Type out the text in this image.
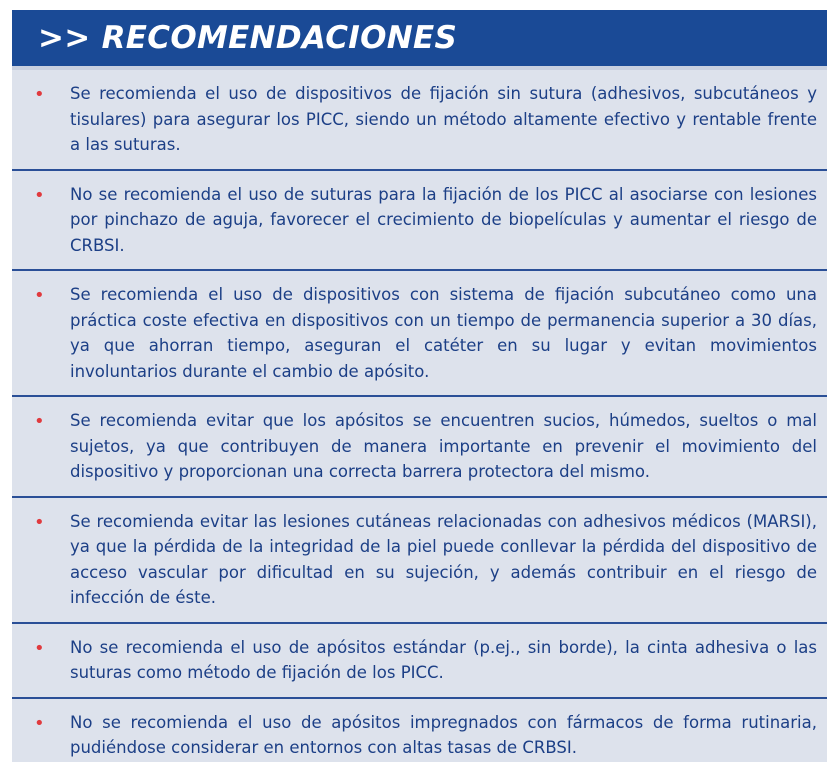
>> RECOMENDACIONES
• Se recomienda el uso de dispositivos de fijación sin sutura (adhesivos, subcutáneos y tisulares) para asegurar los PICC, siendo un método altamente efectivo y rentable frente a las suturas.
• No se recomienda el uso de suturas para la fijación de los PICC al asociarse con lesiones por pinchazo de aguja, favorecer el crecimiento de biopelículas y aumentar el riesgo de CRBSI.
• Se recomienda el uso de dispositivos con sistema de fijación subcutáneo como una práctica coste efectiva en dispositivos con un tiempo de permanencia superior a 30 días, ya que ahorran tiempo, aseguran el catéter en su lugar y evitan movimientos involuntarios durante el cambio de apósito.
• Se recomienda evitar que los apósitos se encuentren sucios, húmedos, sueltos o mal sujetos, ya que contribuyen de manera importante en prevenir el movimiento del dispositivo y proporcionan una correcta barrera protectora del mismo.
• Se recomienda evitar las lesiones cutáneas relacionadas con adhesivos médicos (MARSI), ya que la pérdida de la integridad de la piel puede conllevar la pérdida del dispositivo de acceso vascular por dificultad en su sujeción, y además contribuir en el riesgo de infección de éste.
• No se recomienda el uso de apósitos estándar (p.ej., sin borde), la cinta adhesiva o las suturas como método de fijación de los PICC.
• No se recomienda el uso de apósitos impregnados con fármacos de forma rutinaria, pudiéndose considerar en entornos con altas tasas de CRBSI.
